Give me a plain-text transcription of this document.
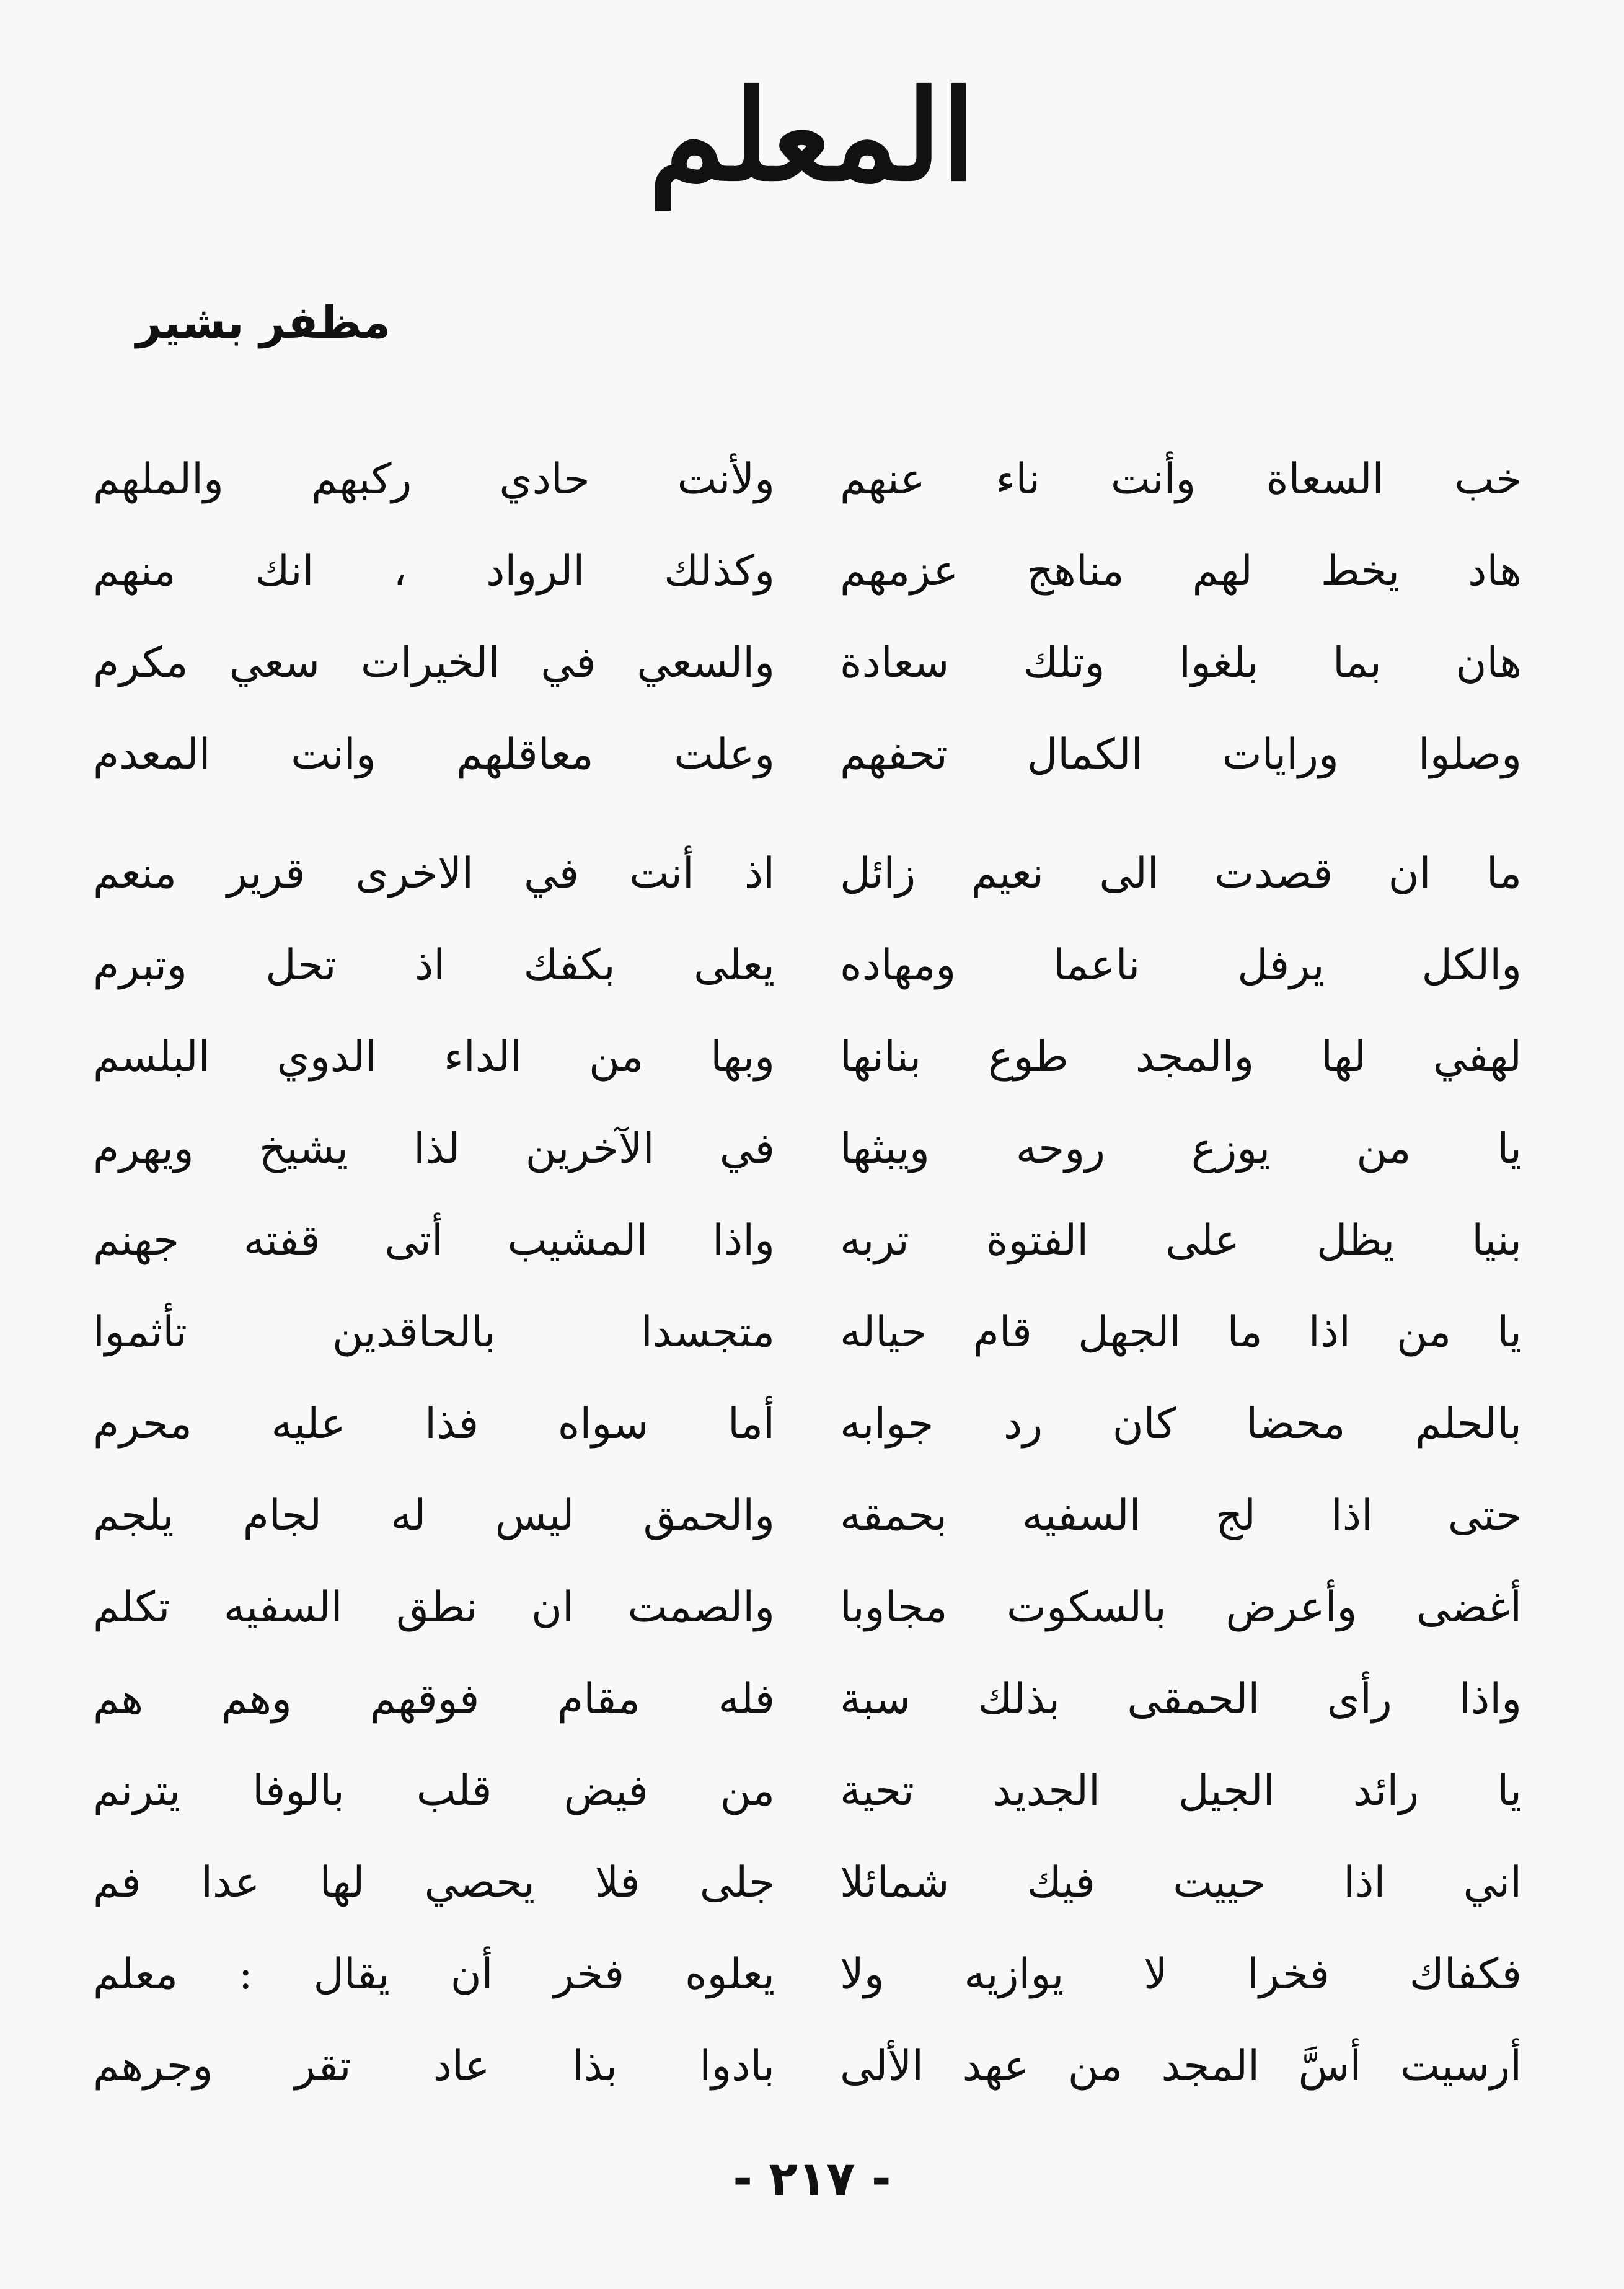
المعلم
مظفر بشير
خب السعاة وأنت ناء عنهم
هاد يخط لهم مناهج عزمهم
هان بما بلغوا وتلك سعادة
وصلوا ورايات الكمال تحفهم
ما ان قصدت الى نعيم زائل
والكل يرفل ناعما ومهاده
لهفي لها والمجد طوع بنانها
يا من يوزع روحه ويبثها
بنيا يظل على الفتوة تربه
يا من اذا ما الجهل قام حياله
بالحلم محضا كان رد جوابه
حتى اذا لج السفيه بحمقه
أغضى وأعرض بالسكوت مجاوبا
واذا رأى الحمقى بذلك سبة
يا رائد الجيل الجديد تحية
اني اذا حييت فيك شمائلا
فكفاك فخرا لا يوازيه ولا
أرسيت أسَّ المجد من عهد الألى
ولأنت حادي ركبهم والملهم
وكذلك الرواد ، انك منهم
والسعي في الخيرات سعي مكرم
وعلت معاقلهم وانت المعدم
اذ أنت في الاخرى قرير منعم
يعلى بكفك اذ تحل وتبرم
وبها من الداء الدوي البلسم
في الآخرين لذا يشيخ ويهرم
واذا المشيب أتى قفته جهنم
متجسدا بالحاقدين تأثموا
أما سواه فذا عليه محرم
والحمق ليس له لجام يلجم
والصمت ان نطق السفيه تكلم
فله مقام فوقهم وهم هم
من فيض قلب بالوفا يترنم
جلى فلا يحصي لها عدا فم
يعلوه فخر أن يقال : معلم
بادوا بذا عاد تقر وجرهم
- ٢١٧ -
